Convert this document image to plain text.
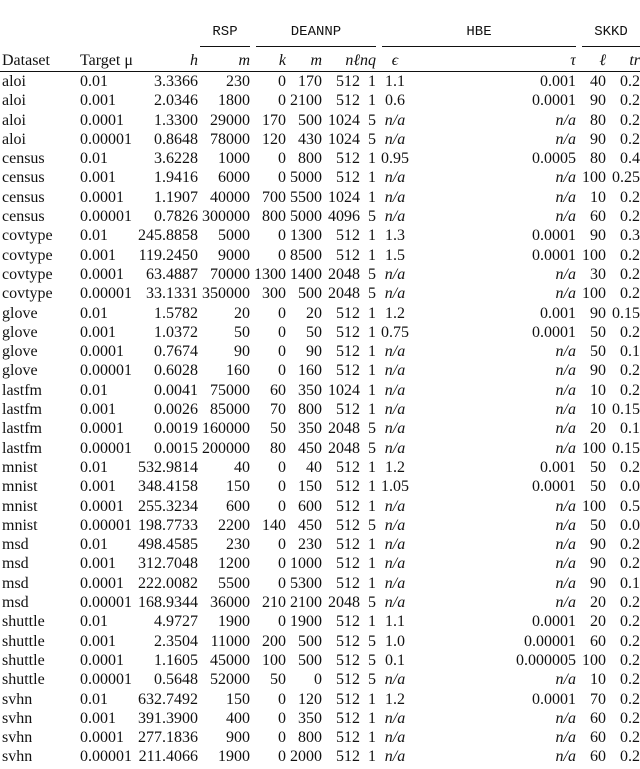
RSP	DEANNP	HBE	SKKD
Dataset	Target μ	h	m	k	m	nℓ	nq	ϵ	τ	ℓ	tr
aloi	0.01	3.3366	230	0	170	512	1	1.1	0.001	40	0.2
aloi	0.001	2.0346	1800	0	2100	512	1	0.6	0.0001	90	0.2
aloi	0.0001	1.3300	29000	170	500	1024	5	n/a	n/a	80	0.2
aloi	0.00001	0.8648	78000	120	430	1024	5	n/a	n/a	90	0.2
census	0.01	3.6228	1000	0	800	512	1	0.95	0.0005	80	0.4
census	0.001	1.9416	6000	0	5000	512	1	n/a	n/a	100	0.25
census	0.0001	1.1907	40000	700	5500	1024	1	n/a	n/a	10	0.2
census	0.00001	0.7826	300000	800	5000	4096	5	n/a	n/a	60	0.2
covtype	0.01	245.8858	5000	0	1300	512	1	1.3	0.0001	90	0.3
covtype	0.001	119.2450	9000	0	8500	512	1	1.5	0.0001	100	0.2
covtype	0.0001	63.4887	70000	1300	1400	2048	5	n/a	n/a	30	0.2
covtype	0.00001	33.1331	350000	300	500	2048	5	n/a	n/a	100	0.2
glove	0.01	1.5782	20	0	20	512	1	1.2	0.001	90	0.15
glove	0.001	1.0372	50	0	50	512	1	0.75	0.0001	50	0.2
glove	0.0001	0.7674	90	0	90	512	1	n/a	n/a	50	0.1
glove	0.00001	0.6028	160	0	160	512	1	n/a	n/a	90	0.2
lastfm	0.01	0.0041	75000	60	350	1024	1	n/a	n/a	10	0.2
lastfm	0.001	0.0026	85000	70	800	512	1	n/a	n/a	10	0.15
lastfm	0.0001	0.0019	160000	50	350	2048	5	n/a	n/a	20	0.1
lastfm	0.00001	0.0015	200000	80	450	2048	5	n/a	n/a	100	0.15
mnist	0.01	532.9814	40	0	40	512	1	1.2	0.001	50	0.2
mnist	0.001	348.4158	150	0	150	512	1	1.05	0.0001	50	0.0
mnist	0.0001	255.3234	600	0	600	512	1	n/a	n/a	100	0.5
mnist	0.00001	198.7733	2200	140	450	512	5	n/a	n/a	50	0.0
msd	0.01	498.4585	230	0	230	512	1	n/a	n/a	90	0.2
msd	0.001	312.7048	1200	0	1000	512	1	n/a	n/a	90	0.2
msd	0.0001	222.0082	5500	0	5300	512	1	n/a	n/a	90	0.1
msd	0.00001	168.9344	36000	210	2100	2048	5	n/a	n/a	20	0.2
shuttle	0.01	4.9727	1900	0	1900	512	1	1.1	0.0001	20	0.2
shuttle	0.001	2.3504	11000	200	500	512	5	1.0	0.00001	60	0.2
shuttle	0.0001	1.1605	45000	100	500	512	5	0.1	0.000005	100	0.2
shuttle	0.00001	0.5648	52000	50	0	512	5	n/a	n/a	10	0.2
svhn	0.01	632.7492	150	0	120	512	1	1.2	0.0001	70	0.2
svhn	0.001	391.3900	400	0	350	512	1	n/a	n/a	60	0.2
svhn	0.0001	277.1836	900	0	800	512	1	n/a	n/a	60	0.2
svhn	0.00001	211.4066	1900	0	2000	512	1	n/a	n/a	60	0.2
